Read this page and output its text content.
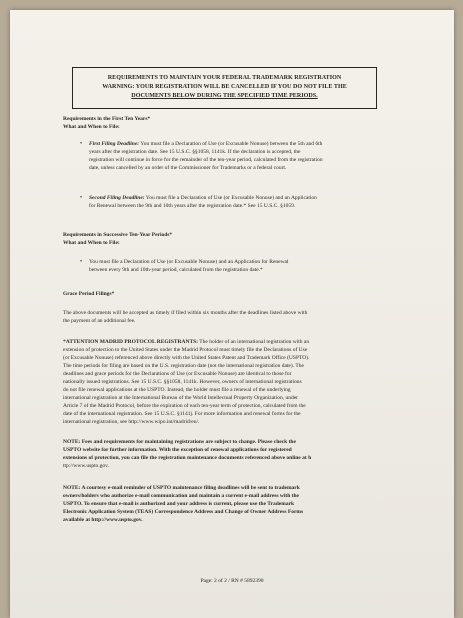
REQUIREMENTS TO MAINTAIN YOUR FEDERAL TRADEMARK REGISTRATION
WARNING: YOUR REGISTRATION WILL BE CANCELLED IF YOU DO NOT FILE THE
DOCUMENTS BELOW DURING THE SPECIFIED TIME PERIODS.
Requirements in the First Ten Years*
What and When to File:
• First Filing Deadline: You must file a Declaration of Use (or Excusable Nonuse) between the 5th and 6th
years after the registration date. See 15 U.S.C. §§1058, 1141k. If the declaration is accepted, the
registration will continue in force for the remainder of the ten-year period, calculated from the registration
date, unless cancelled by an order of the Commissioner for Trademarks or a federal court.
• Second Filing Deadline: You must file a Declaration of Use (or Excusable Nonuse) and an Application
for Renewal between the 9th and 10th years after the registration date.* See 15 U.S.C. §1059.
Requirements in Successive Ten-Year Periods*
What and When to File:
• You must file a Declaration of Use (or Excusable Nonuse) and an Application for Renewal
between every 9th and 10th-year period, calculated from the registration date.*
Grace Period Filings*
The above documents will be accepted as timely if filed within six months after the deadlines listed above with
the payment of an additional fee.
*ATTENTION MADRID PROTOCOL REGISTRANTS: The holder of an international registration with an
extension of protection to the United States under the Madrid Protocol must timely file the Declarations of Use
(or Excusable Nonuse) referenced above directly with the United States Patent and Trademark Office (USPTO).
The time periods for filing are based on the U.S. registration date (not the international registration date). The
deadlines and grace periods for the Declarations of Use (or Excusable Nonuse) are identical to those for
nationally issued registrations. See 15 U.S.C. §§1058, 1141k. However, owners of international registrations
do not file renewal applications at the USPTO. Instead, the holder must file a renewal of the underlying
international registration at the International Bureau of the World Intellectual Property Organization, under
Article 7 of the Madrid Protocol, before the expiration of each ten-year term of protection, calculated from the
date of the international registration. See 15 U.S.C. §1141j. For more information and renewal forms for the
international registration, see http://www.wipo.int/madrid/en/.
NOTE: Fees and requirements for maintaining registrations are subject to change. Please check the
USPTO website for further information. With the exception of renewal applications for registered
extensions of protection, you can file the registration maintenance documents referenced above online at h
ttp://www.uspto.gov.
NOTE: A courtesy e-mail reminder of USPTO maintenance filing deadlines will be sent to trademark
owners/holders who authorize e-mail communication and maintain a current e-mail address with the
USPTO. To ensure that e-mail is authorized and your address is current, please use the Trademark
Electronic Application System (TEAS) Correspondence Address and Change of Owner Address Forms
available at http://www.uspto.gov.
Page: 2 of 2 / RN # 5892390
